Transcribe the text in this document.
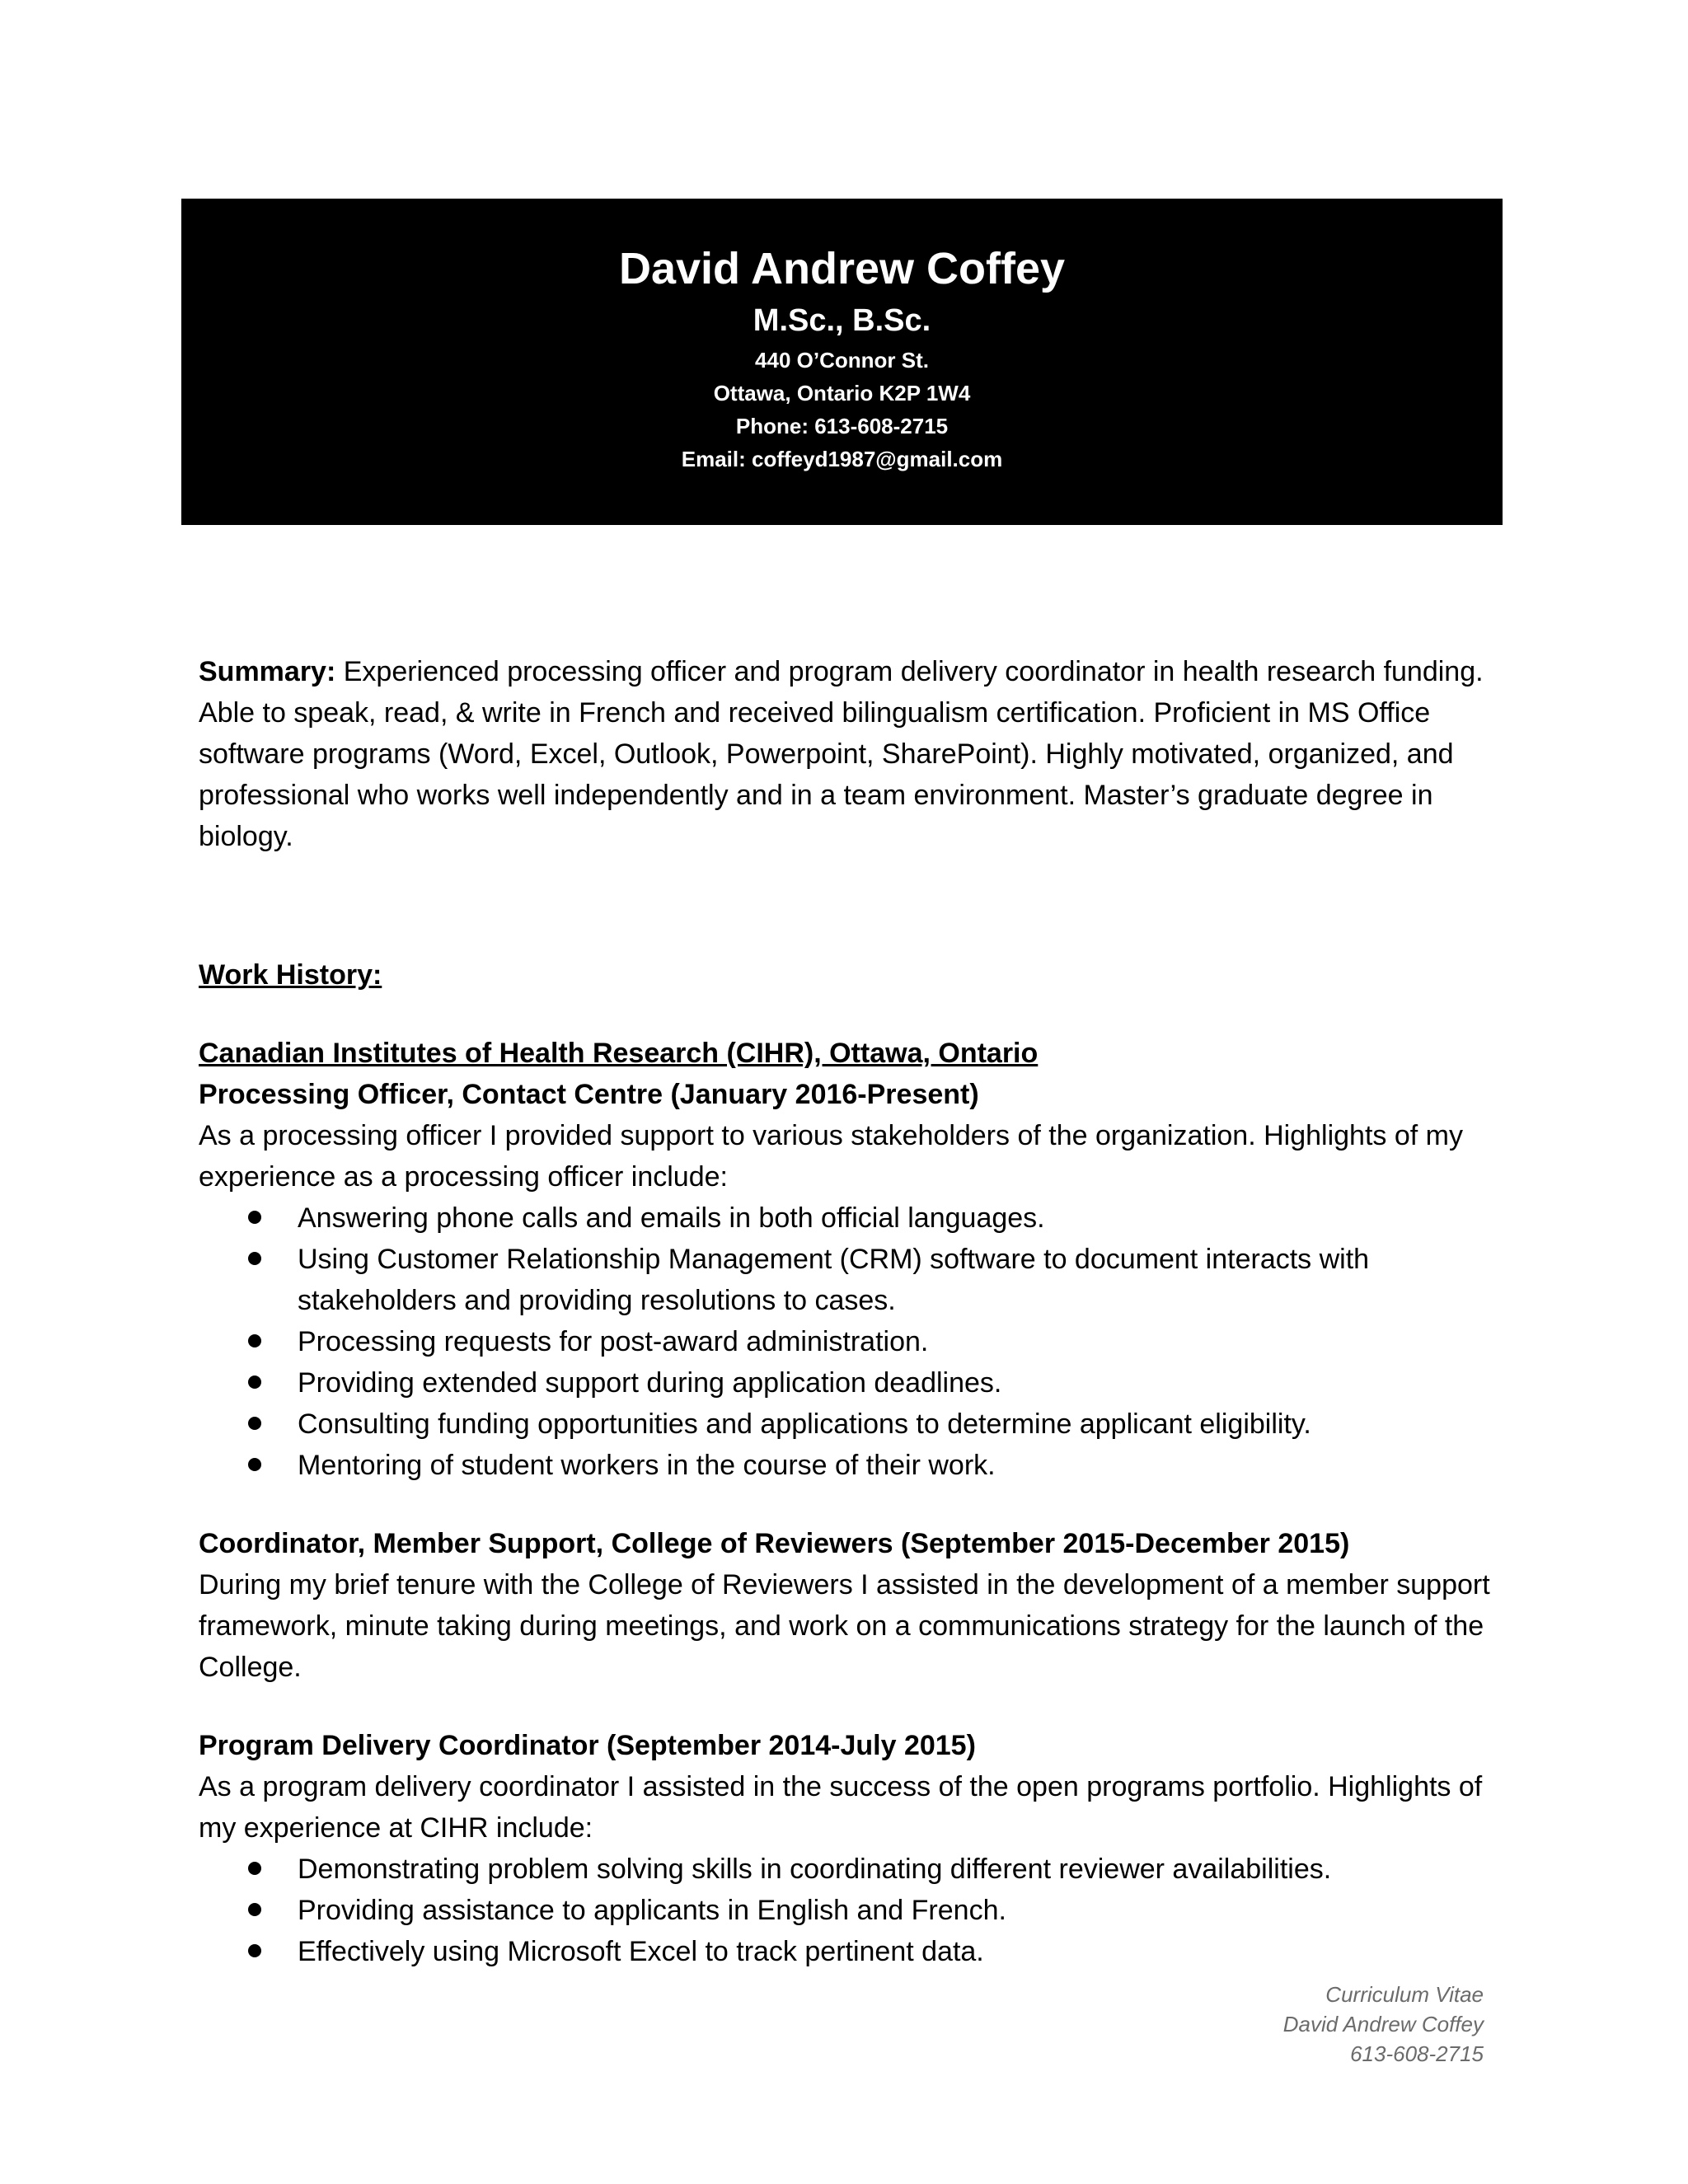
David Andrew Coffey
M.Sc., B.Sc.
440 O’Connor St.
Ottawa, Ontario K2P 1W4
Phone: 613-608-2715
Email: coffeyd1987@gmail.com

Summary: Experienced processing officer and program delivery coordinator in health research funding. Able to speak, read, & write in French and received bilingualism certification. Proficient in MS Office software programs (Word, Excel, Outlook, Powerpoint, SharePoint). Highly motivated, organized, and professional who works well independently and in a team environment. Master’s graduate degree in biology.

Work History:
Canadian Institutes of Health Research (CIHR), Ottawa, Ontario
Processing Officer, Contact Centre (January 2016-Present)
As a processing officer I provided support to various stakeholders of the organization. Highlights of my experience as a processing officer include:
Answering phone calls and emails in both official languages.
Using Customer Relationship Management (CRM) software to document interacts with stakeholders and providing resolutions to cases.
Processing requests for post-award administration.
Providing extended support during application deadlines.
Consulting funding opportunities and applications to determine applicant eligibility.
Mentoring of student workers in the course of their work.
Coordinator, Member Support, College of Reviewers (September 2015-December 2015)
During my brief tenure with the College of Reviewers I assisted in the development of a member support framework, minute taking during meetings, and work on a communications strategy for the launch of the College.
Program Delivery Coordinator (September 2014-July 2015)
As a program delivery coordinator I assisted in the success of the open programs portfolio. Highlights of my experience at CIHR include:
Demonstrating problem solving skills in coordinating different reviewer availabilities.
Providing assistance to applicants in English and French.
Effectively using Microsoft Excel to track pertinent data.
Curriculum Vitae
David Andrew Coffey
613-608-2715
